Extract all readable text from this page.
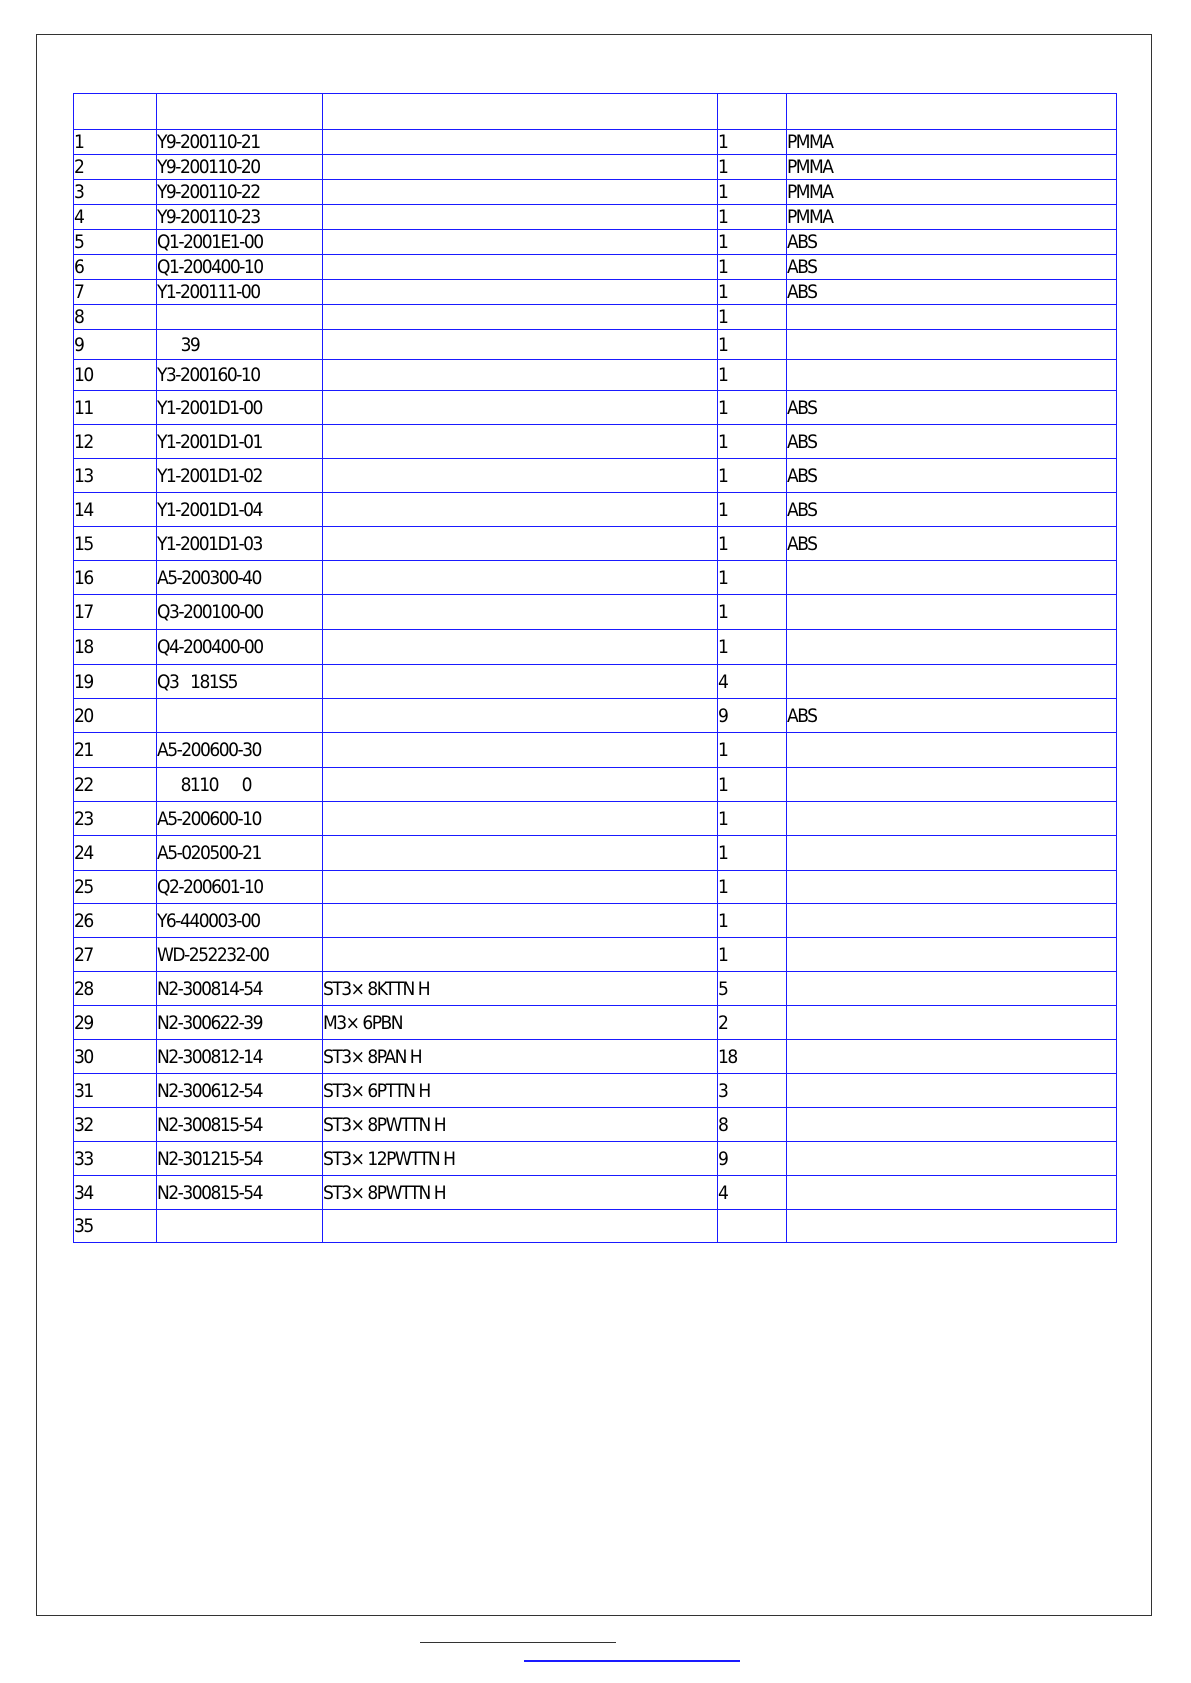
1	Y9-200110-21		1	PMMA
2	Y9-200110-20		1	PMMA
3	Y9-200110-22		1	PMMA
4	Y9-200110-23		1	PMMA
5	Q1-2001E1-00		1	ABS
6	Q1-200400-10		1	ABS
7	Y1-200111-00		1	ABS
8			1	
9	39		1	
10	Y3-200160-10		1	
11	Y1-2001D1-00		1	ABS
12	Y1-2001D1-01		1	ABS
13	Y1-2001D1-02		1	ABS
14	Y1-2001D1-04		1	ABS
15	Y1-2001D1-03		1	ABS
16	A5-200300-40		1	
17	Q3-200100-00		1	
18	Q4-200400-00		1	
19	Q3   181S5		4	
20			9	ABS
21	A5-200600-30		1	
22	8110      0		1	
23	A5-200600-10		1	
24	A5-020500-21		1	
25	Q2-200601-10		1	
26	Y6-440003-00		1	
27	WD-252232-00		1	
28	N2-300814-54	ST3× 8KTTN H	5	
29	N2-300622-39	M3× 6PBN	2	
30	N2-300812-14	ST3× 8PAN H	18	
31	N2-300612-54	ST3× 6PTTN H	3	
32	N2-300815-54	ST3× 8PWTTN H	8	
33	N2-301215-54	ST3× 12PWTTN H	9	
34	N2-300815-54	ST3× 8PWTTN H	4	
35				
